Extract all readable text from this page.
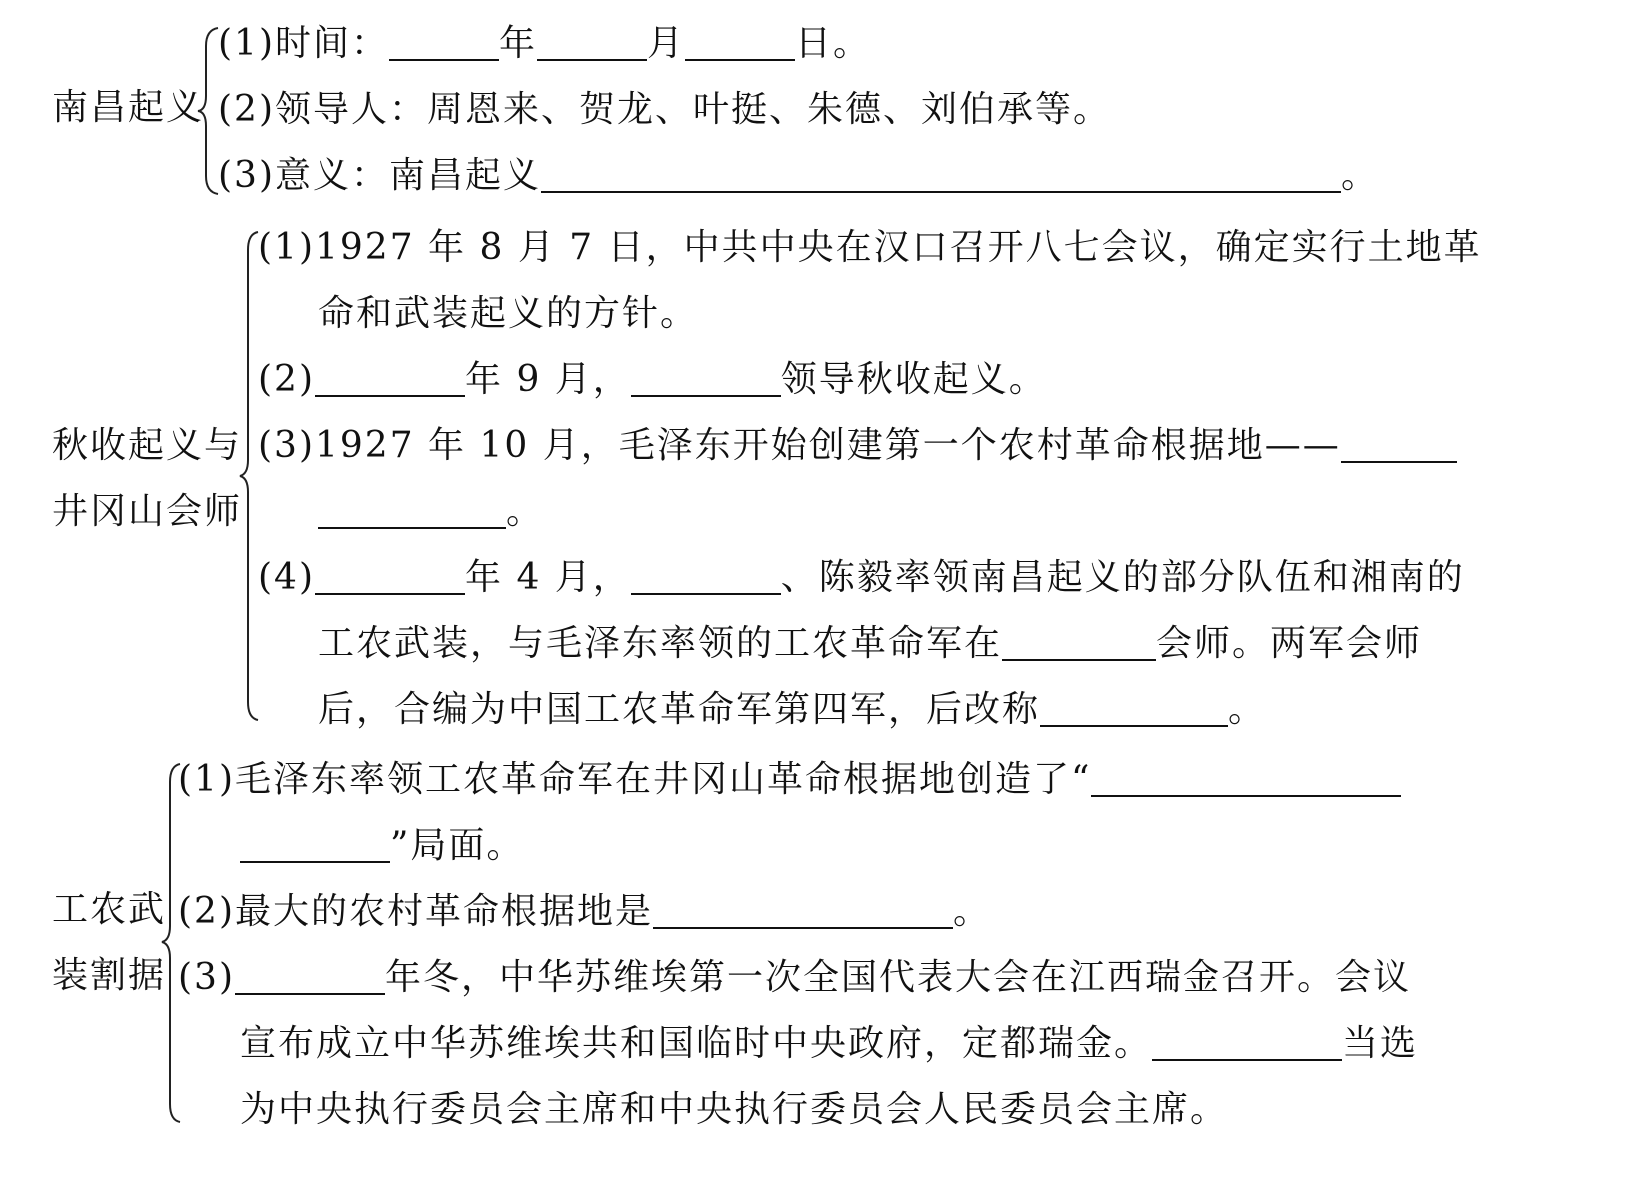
南昌起义
(1)时间：	年	月	日。
(2)领导人：周恩来、贺龙、叶挺、朱德、刘伯承等。
(3)意义：南昌起义	。
秋收起义与
井冈山会师
(1)1927 年 8 月 7 日，中共中央在汉口召开八七会议，确定实行土地革
命和武装起义的方针。
(2)	年 9 月，	领导秋收起义。
(3)1927 年 10 月，毛泽东开始创建第一个农村革命根据地——
。
(4)	年 4 月，	、陈毅率领南昌起义的部分队伍和湘南的
工农武装，与毛泽东率领的工农革命军在	会师。两军会师
后，合编为中国工农革命军第四军，后改称	。
工农武
装割据
(1)毛泽东率领工农革命军在井冈山革命根据地创造了“
”局面。
(2)最大的农村革命根据地是	。
(3)	年冬，中华苏维埃第一次全国代表大会在江西瑞金召开。会议
宣布成立中华苏维埃共和国临时中央政府，定都瑞金。	当选
为中央执行委员会主席和中央执行委员会人民委员会主席。
